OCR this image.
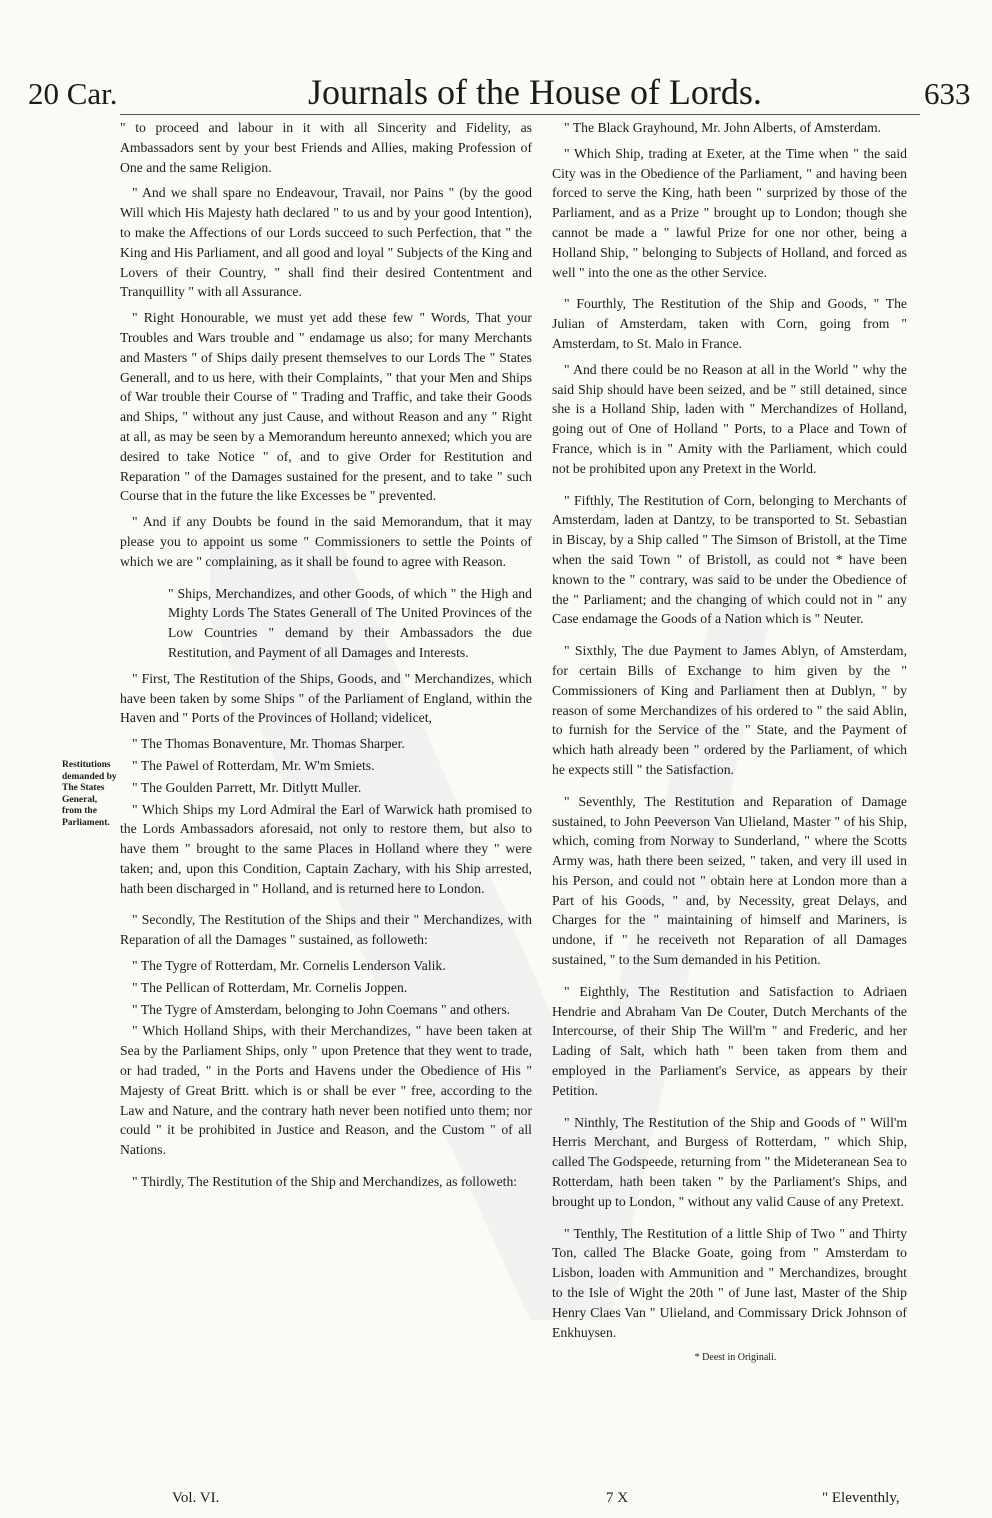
20 Car.	Journals of the House of Lords.	633
Restitutions demanded by The States General, from the Parliament.

" to proceed and labour in it with all Sincerity and Fidelity, as Ambassadors sent by your best Friends and Allies, making Profession of One and the same Religion.

" And we shall spare no Endeavour, Travail, nor Pains " (by the good Will which His Majesty hath declared " to us and by your good Intention), to make the Affections of our Lords succeed to such Perfection, that " the King and His Parliament, and all good and loyal " Subjects of the King and Lovers of their Country, " shall find their desired Contentment and Tranquillity " with all Assurance.

" Right Honourable, we must yet add these few " Words, That your Troubles and Wars trouble and " endamage us also; for many Merchants and Masters " of Ships daily present themselves to our Lords The " States Generall, and to us here, with their Complaints, " that your Men and Ships of War trouble their Course of " Trading and Traffic, and take their Goods and Ships, " without any just Cause, and without Reason and any " Right at all, as may be seen by a Memorandum hereunto annexed; which you are desired to take Notice " of, and to give Order for Restitution and Reparation " of the Damages sustained for the present, and to take " such Course that in the future the like Excesses be " prevented.

" And if any Doubts be found in the said Memorandum, that it may please you to appoint us some " Commissioners to settle the Points of which we are " complaining, as it shall be found to agree with Reason.

" Ships, Merchandizes, and other Goods, of which " the High and Mighty Lords The States Generall of The United Provinces of the Low Countries " demand by their Ambassadors the due Restitution, and Payment of all Damages and Interests.

" First, The Restitution of the Ships, Goods, and " Merchandizes, which have been taken by some Ships " of the Parliament of England, within the Haven and " Ports of the Provinces of Holland; videlicet,

" The Thomas Bonaventure, Mr. Thomas Sharper.

" The Pawel of Rotterdam, Mr. W'm Smiets.

" The Goulden Parrett, Mr. Ditlytt Muller.

" Which Ships my Lord Admiral the Earl of Warwick hath promised to the Lords Ambassadors aforesaid, not only to restore them, but also to have them " brought to the same Places in Holland where they " were taken; and, upon this Condition, Captain Zachary, with his Ship arrested, hath been discharged in " Holland, and is returned here to London.

" Secondly, The Restitution of the Ships and their " Merchandizes, with Reparation of all the Damages " sustained, as followeth:

" The Tygre of Rotterdam, Mr. Cornelis Lenderson Valik.

" The Pellican of Rotterdam, Mr. Cornelis Joppen.

" The Tygre of Amsterdam, belonging to John Coemans " and others.

" Which Holland Ships, with their Merchandizes, " have been taken at Sea by the Parliament Ships, only " upon Pretence that they went to trade, or had traded, " in the Ports and Havens under the Obedience of His " Majesty of Great Britt. which is or shall be ever " free, according to the Law and Nature, and the contrary hath never been notified unto them; nor could " it be prohibited in Justice and Reason, and the Custom " of all Nations.

" Thirdly, The Restitution of the Ship and Merchandizes, as followeth:

" The Black Grayhound, Mr. John Alberts, of Amsterdam.

" Which Ship, trading at Exeter, at the Time when " the said City was in the Obedience of the Parliament, " and having been forced to serve the King, hath been " surprized by those of the Parliament, and as a Prize " brought up to London; though she cannot be made a " lawful Prize for one nor other, being a Holland Ship, " belonging to Subjects of Holland, and forced as well " into the one as the other Service.

" Fourthly, The Restitution of the Ship and Goods, " The Julian of Amsterdam, taken with Corn, going from " Amsterdam, to St. Malo in France.

" And there could be no Reason at all in the World " why the said Ship should have been seized, and be " still detained, since she is a Holland Ship, laden with " Merchandizes of Holland, going out of One of Holland " Ports, to a Place and Town of France, which is in " Amity with the Parliament, which could not be prohibited upon any Pretext in the World.

" Fifthly, The Restitution of Corn, belonging to Merchants of Amsterdam, laden at Dantzy, to be transported to St. Sebastian in Biscay, by a Ship called " The Simson of Bristoll, at the Time when the said Town " of Bristoll, as could not * have been known to the " contrary, was said to be under the Obedience of the " Parliament; and the changing of which could not in " any Case endamage the Goods of a Nation which is " Neuter.

" Sixthly, The due Payment to James Ablyn, of Amsterdam, for certain Bills of Exchange to him given by the " Commissioners of King and Parliament then at Dublyn, " by reason of some Merchandizes of his ordered to " the said Ablin, to furnish for the Service of the " State, and the Payment of which hath already been " ordered by the Parliament, of which he expects still " the Satisfaction.

" Seventhly, The Restitution and Reparation of Damage sustained, to John Peeverson Van Ulieland, Master " of his Ship, which, coming from Norway to Sunderland, " where the Scotts Army was, hath there been seized, " taken, and very ill used in his Person, and could not " obtain here at London more than a Part of his Goods, " and, by Necessity, great Delays, and Charges for the " maintaining of himself and Mariners, is undone, if " he receiveth not Reparation of all Damages sustained, " to the Sum demanded in his Petition.

" Eighthly, The Restitution and Satisfaction to Adriaen Hendrie and Abraham Van De Couter, Dutch Merchants of the Intercourse, of their Ship The Will'm " and Frederic, and her Lading of Salt, which hath " been taken from them and employed in the Parliament's Service, as appears by their Petition.

" Ninthly, The Restitution of the Ship and Goods of " Will'm Herris Merchant, and Burgess of Rotterdam, " which Ship, called The Godspeede, returning from " the Mideteranean Sea to Rotterdam, hath been taken " by the Parliament's Ships, and brought up to London, " without any valid Cause of any Pretext.

" Tenthly, The Restitution of a little Ship of Two " and Thirty Ton, called The Blacke Goate, going from " Amsterdam to Lisbon, loaden with Ammunition and " Merchandizes, brought to the Isle of Wight the 20th " of June last, Master of the Ship Henry Claes Van " Ulieland, and Commissary Drick Johnson of Enkhuysen.

* Deest in Originali.

Vol. VI.	7 X	" Eleventhly,
